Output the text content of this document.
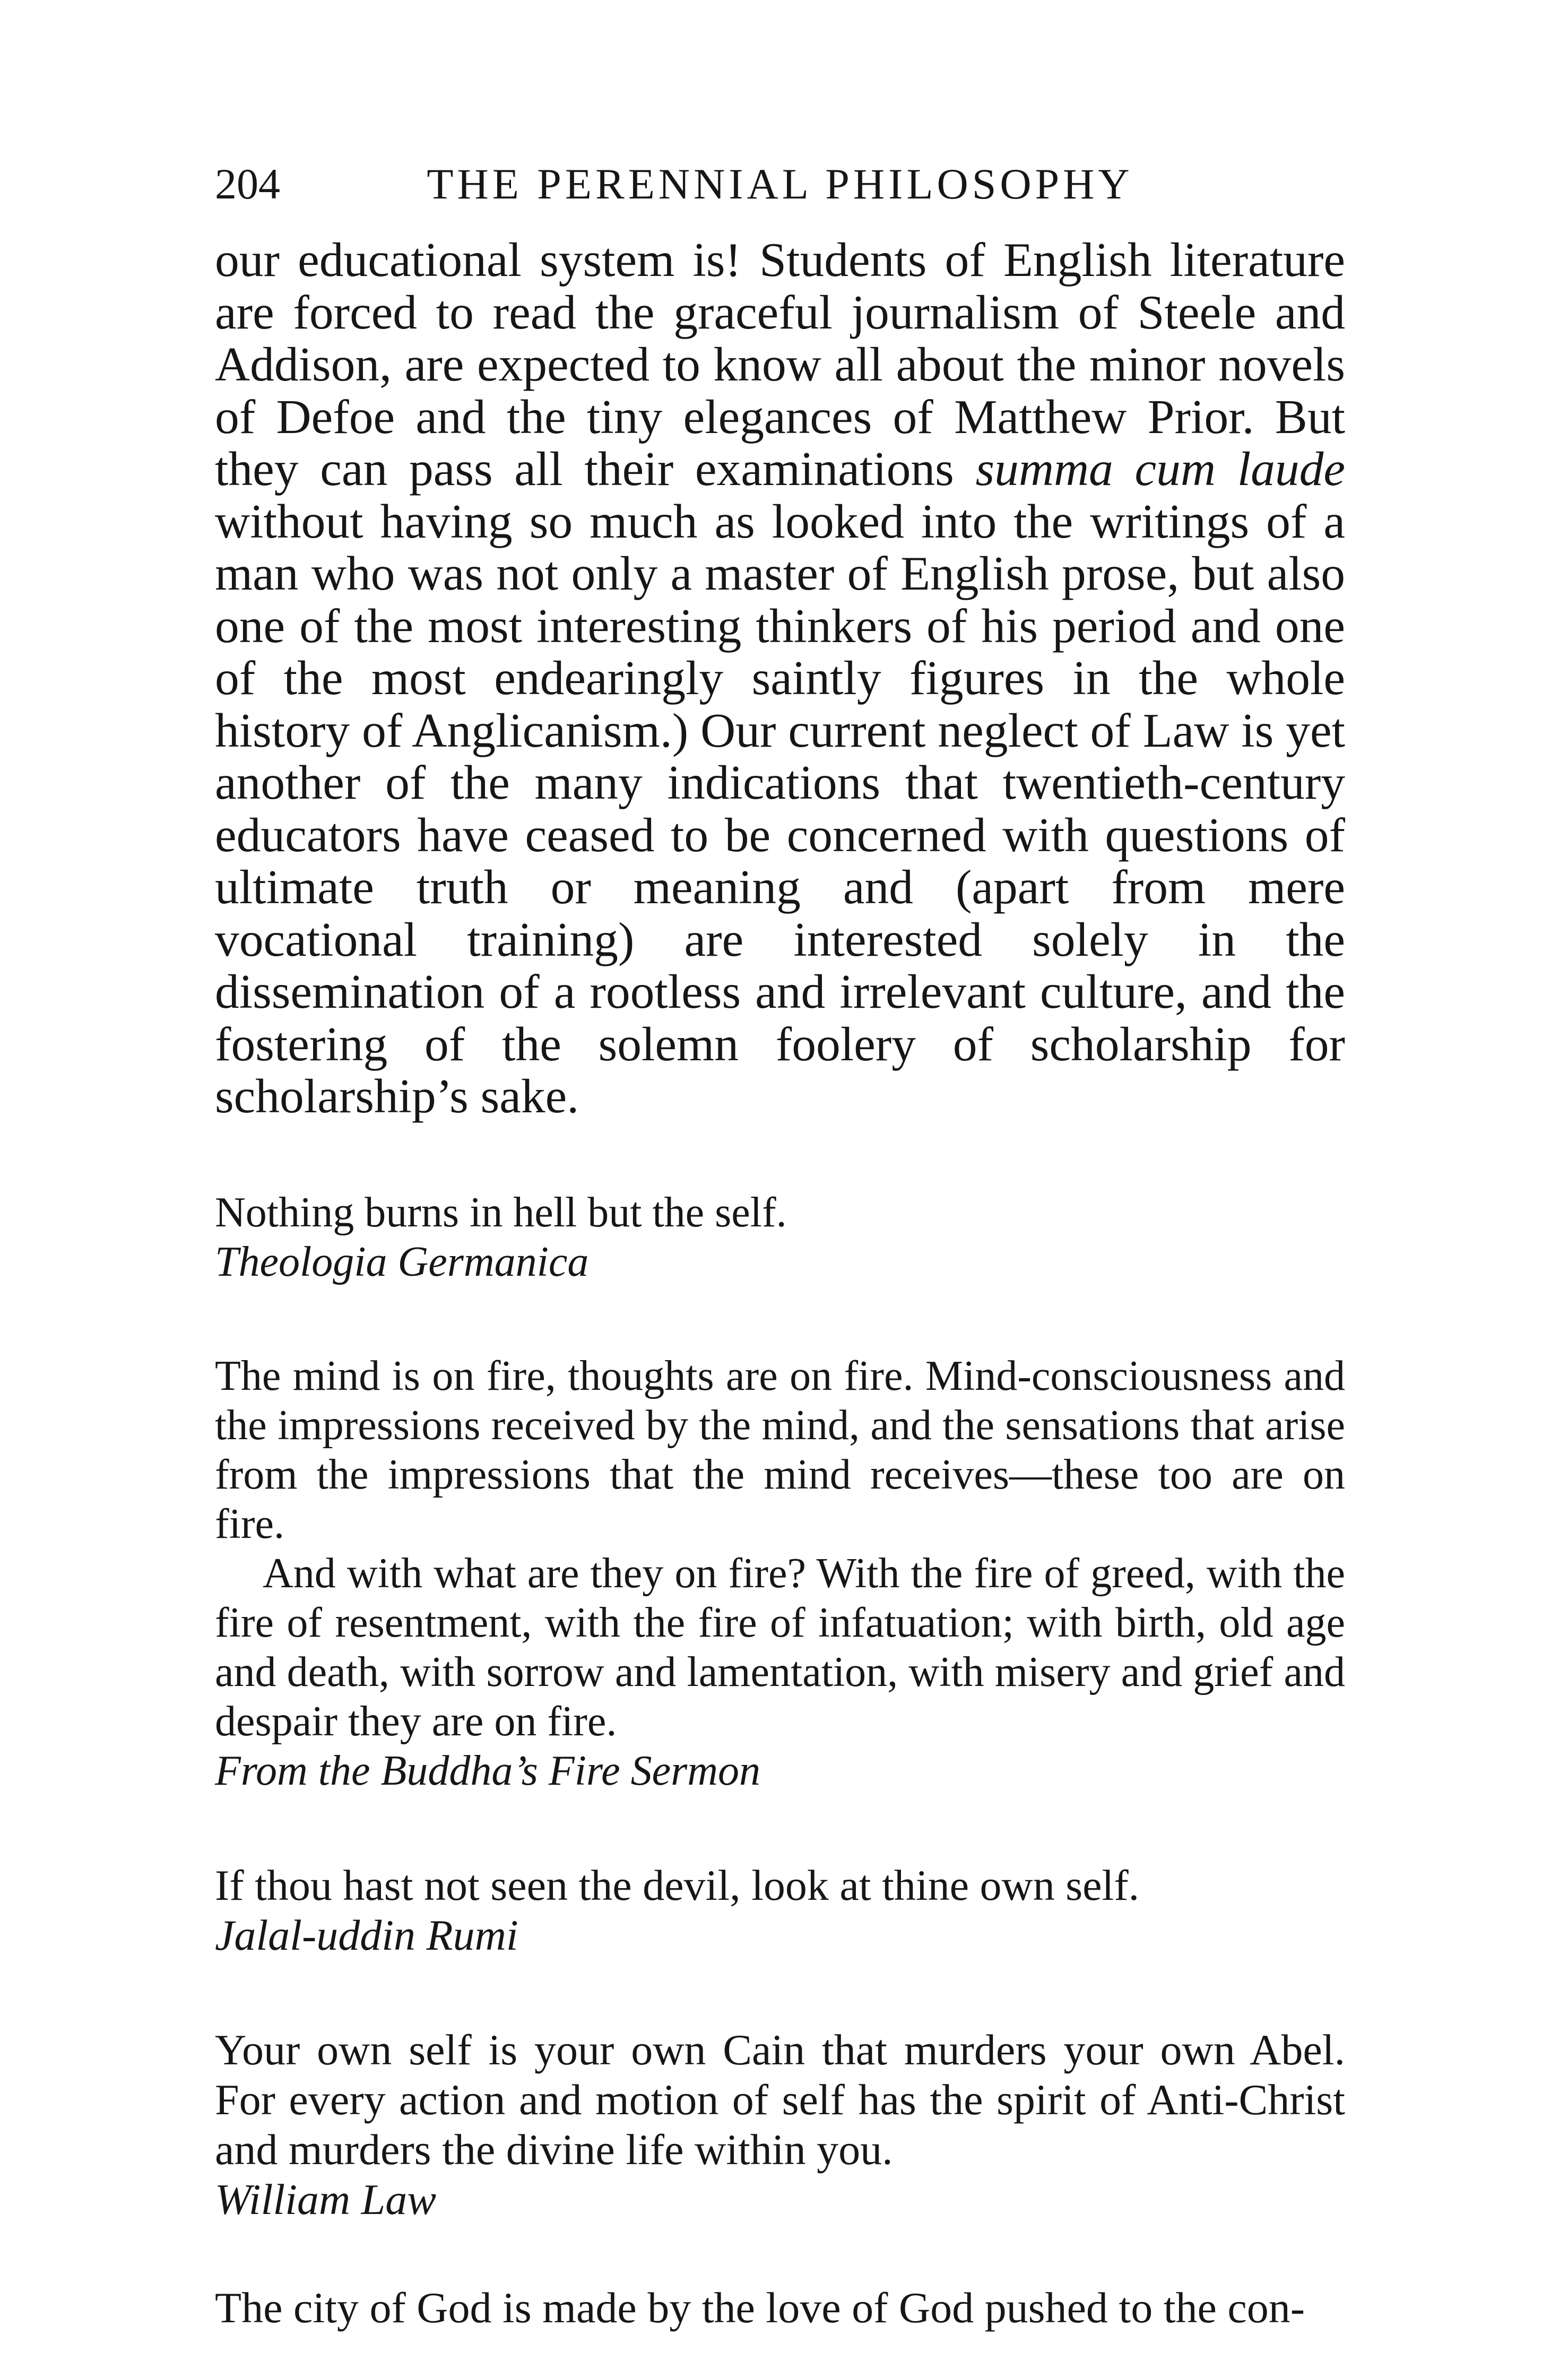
204	THE PERENNIAL PHILOSOPHY

our educational system is! Students of English literature are forced to read the graceful journalism of Steele and Addison, are expected to know all about the minor novels of Defoe and the tiny elegances of Matthew Prior. But they can pass all their examinations summa cum laude without having so much as looked into the writings of a man who was not only a master of English prose, but also one of the most interesting thinkers of his period and one of the most endearingly saintly figures in the whole history of Anglicanism.) Our current neglect of Law is yet another of the many indications that twentieth-century educators have ceased to be concerned with questions of ultimate truth or meaning and (apart from mere vocational training) are interested solely in the dissemination of a rootless and irrelevant culture, and the fostering of the solemn foolery of scholarship for scholarship’s sake.

Nothing burns in hell but the self.

Theologia Germanica

The mind is on fire, thoughts are on fire. Mind-consciousness and the impressions received by the mind, and the sensations that arise from the impressions that the mind receives—these too are on fire.

And with what are they on fire? With the fire of greed, with the fire of resentment, with the fire of infatuation; with birth, old age and death, with sorrow and lamentation, with misery and grief and despair they are on fire.

From the Buddha’s Fire Sermon

If thou hast not seen the devil, look at thine own self.

Jalal-uddin Rumi

Your own self is your own Cain that murders your own Abel. For every action and motion of self has the spirit of Anti-Christ and murders the divine life within you.

William Law

The city of God is made by the love of God pushed to the con-
